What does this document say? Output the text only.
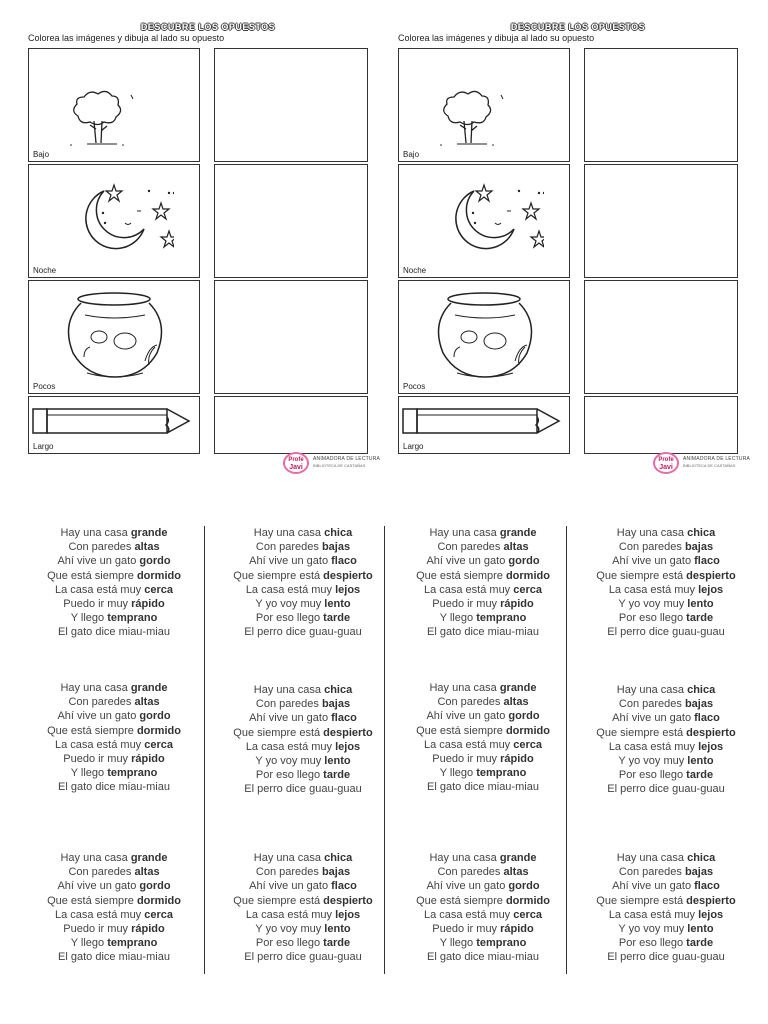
DESCUBRE LOS OPUESTOS
Colorea las imágenes y dibuja al lado su opuesto
Bajo
Noche
Pocos
Largo
Profe
Javi
ANIMADORA DE LECTURA
BIBLIOTECA DE CASTAÑAS
DESCUBRE LOS OPUESTOS
Colorea las imágenes y dibuja al lado su opuesto
Bajo
Noche
Pocos
Largo
Profe
Javi
ANIMADORA DE LECTURA
BIBLIOTECA DE CASTAÑAS
Hay una casa grande
Con paredes altas
Ahí vive un gato gordo
Que está siempre dormido
La casa está muy cerca
Puedo ir muy rápido
Y llego temprano
El gato dice miau-miau
Hay una casa chica
Con paredes bajas
Ahí vive un gato flaco
Que siempre está despierto
La casa está muy lejos
Y yo voy muy lento
Por eso llego tarde
El perro dice guau-guau
Hay una casa grande
Con paredes altas
Ahí vive un gato gordo
Que está siempre dormido
La casa está muy cerca
Puedo ir muy rápido
Y llego temprano
El gato dice miau-miau
Hay una casa chica
Con paredes bajas
Ahí vive un gato flaco
Que siempre está despierto
La casa está muy lejos
Y yo voy muy lento
Por eso llego tarde
El perro dice guau-guau
Hay una casa grande
Con paredes altas
Ahí vive un gato gordo
Que está siempre dormido
La casa está muy cerca
Puedo ir muy rápido
Y llego temprano
El gato dice miau-miau
Hay una casa chica
Con paredes bajas
Ahí vive un gato flaco
Que siempre está despierto
La casa está muy lejos
Y yo voy muy lento
Por eso llego tarde
El perro dice guau-guau
Hay una casa grande
Con paredes altas
Ahí vive un gato gordo
Que está siempre dormido
La casa está muy cerca
Puedo ir muy rápido
Y llego temprano
El gato dice miau-miau
Hay una casa chica
Con paredes bajas
Ahí vive un gato flaco
Que siempre está despierto
La casa está muy lejos
Y yo voy muy lento
Por eso llego tarde
El perro dice guau-guau
Hay una casa grande
Con paredes altas
Ahí vive un gato gordo
Que está siempre dormido
La casa está muy cerca
Puedo ir muy rápido
Y llego temprano
El gato dice miau-miau
Hay una casa chica
Con paredes bajas
Ahí vive un gato flaco
Que siempre está despierto
La casa está muy lejos
Y yo voy muy lento
Por eso llego tarde
El perro dice guau-guau
Hay una casa grande
Con paredes altas
Ahí vive un gato gordo
Que está siempre dormido
La casa está muy cerca
Puedo ir muy rápido
Y llego temprano
El gato dice miau-miau
Hay una casa chica
Con paredes bajas
Ahí vive un gato flaco
Que siempre está despierto
La casa está muy lejos
Y yo voy muy lento
Por eso llego tarde
El perro dice guau-guau
